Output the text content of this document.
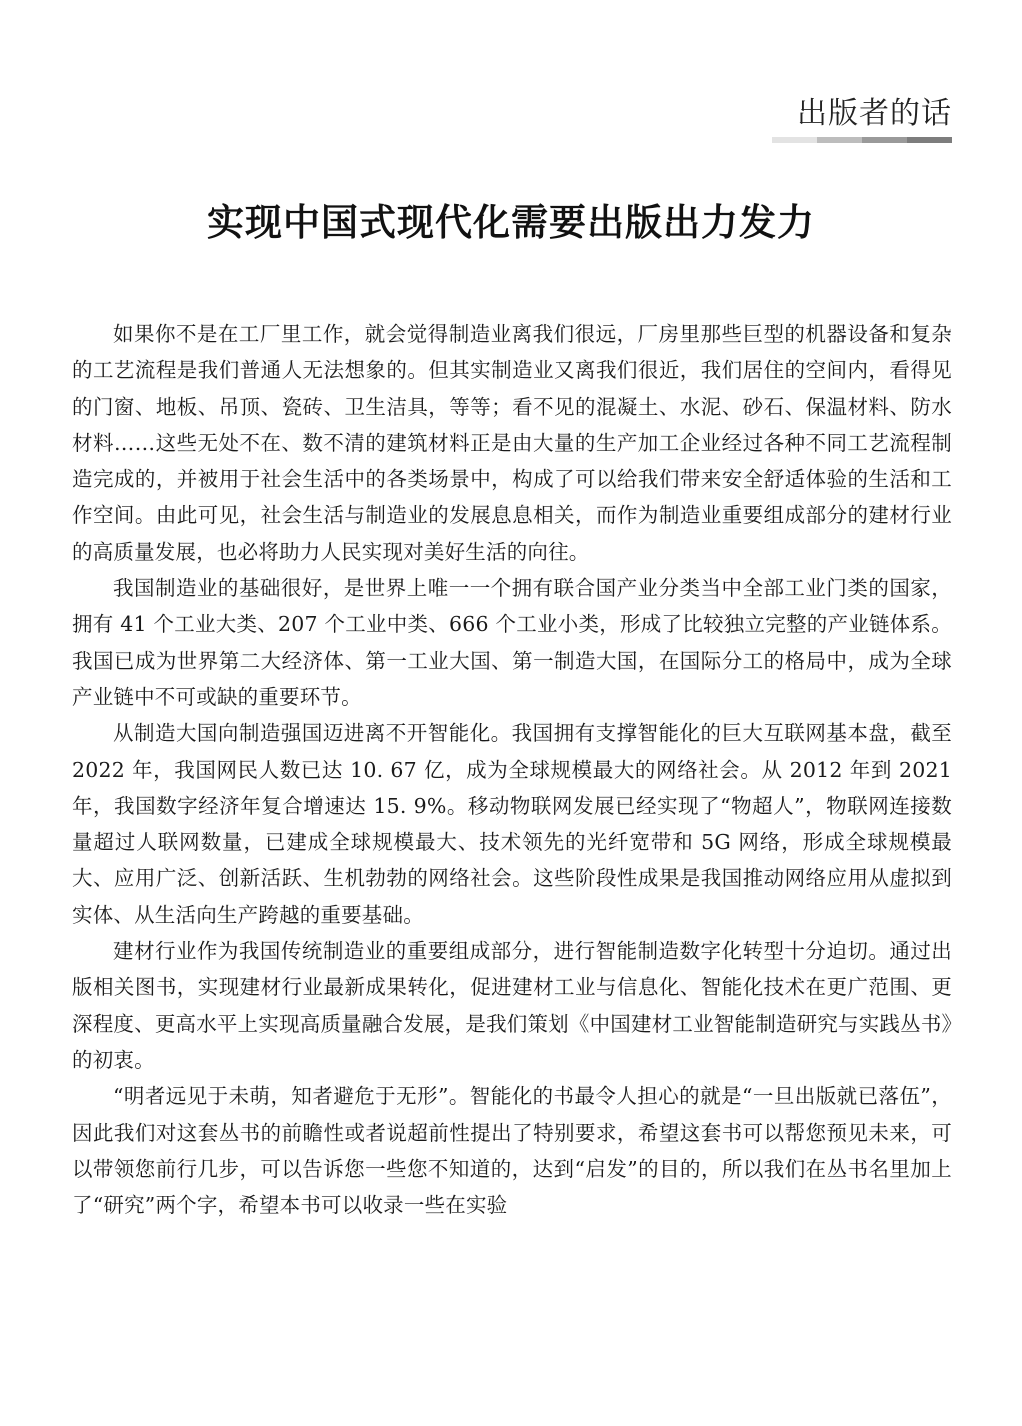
出版者的话
实现中国式现代化需要出版出力发力

如果你不是在工厂里工作，就会觉得制造业离我们很远，厂房里那些巨型的机器设备和复杂的工艺流程是我们普通人无法想象的。但其实制造业又离我们很近，我们居住的空间内，看得见的门窗、地板、吊顶、瓷砖、卫生洁具，等等；看不见的混凝土、水泥、砂石、保温材料、防水材料……这些无处不在、数不清的建筑材料正是由大量的生产加工企业经过各种不同工艺流程制造完成的，并被用于社会生活中的各类场景中，构成了可以给我们带来安全舒适体验的生活和工作空间。由此可见，社会生活与制造业的发展息息相关，而作为制造业重要组成部分的建材行业的高质量发展，也必将助力人民实现对美好生活的向往。

我国制造业的基础很好，是世界上唯一一个拥有联合国产业分类当中全部工业门类的国家，拥有 41 个工业大类、207 个工业中类、666 个工业小类，形成了比较独立完整的产业链体系。我国已成为世界第二大经济体、第一工业大国、第一制造大国，在国际分工的格局中，成为全球产业链中不可或缺的重要环节。

从制造大国向制造强国迈进离不开智能化。我国拥有支撑智能化的巨大互联网基本盘，截至 2022 年，我国网民人数已达 10. 67 亿，成为全球规模最大的网络社会。从 2012 年到 2021 年，我国数字经济年复合增速达 15. 9%。移动物联网发展已经实现了“物超人”，物联网连接数量超过人联网数量，已建成全球规模最大、技术领先的光纤宽带和 5G 网络，形成全球规模最大、应用广泛、创新活跃、生机勃勃的网络社会。这些阶段性成果是我国推动网络应用从虚拟到实体、从生活向生产跨越的重要基础。

建材行业作为我国传统制造业的重要组成部分，进行智能制造数字化转型十分迫切。通过出版相关图书，实现建材行业最新成果转化，促进建材工业与信息化、智能化技术在更广范围、更深程度、更高水平上实现高质量融合发展，是我们策划《中国建材工业智能制造研究与实践丛书》的初衷。

“明者远见于未萌，知者避危于无形”。智能化的书最令人担心的就是“一旦出版就已落伍”，因此我们对这套丛书的前瞻性或者说超前性提出了特别要求，希望这套书可以帮您预见未来，可以带领您前行几步，可以告诉您一些您不知道的，达到“启发”的目的，所以我们在丛书名里加上了“研究”两个字，希望本书可以收录一些在实验
